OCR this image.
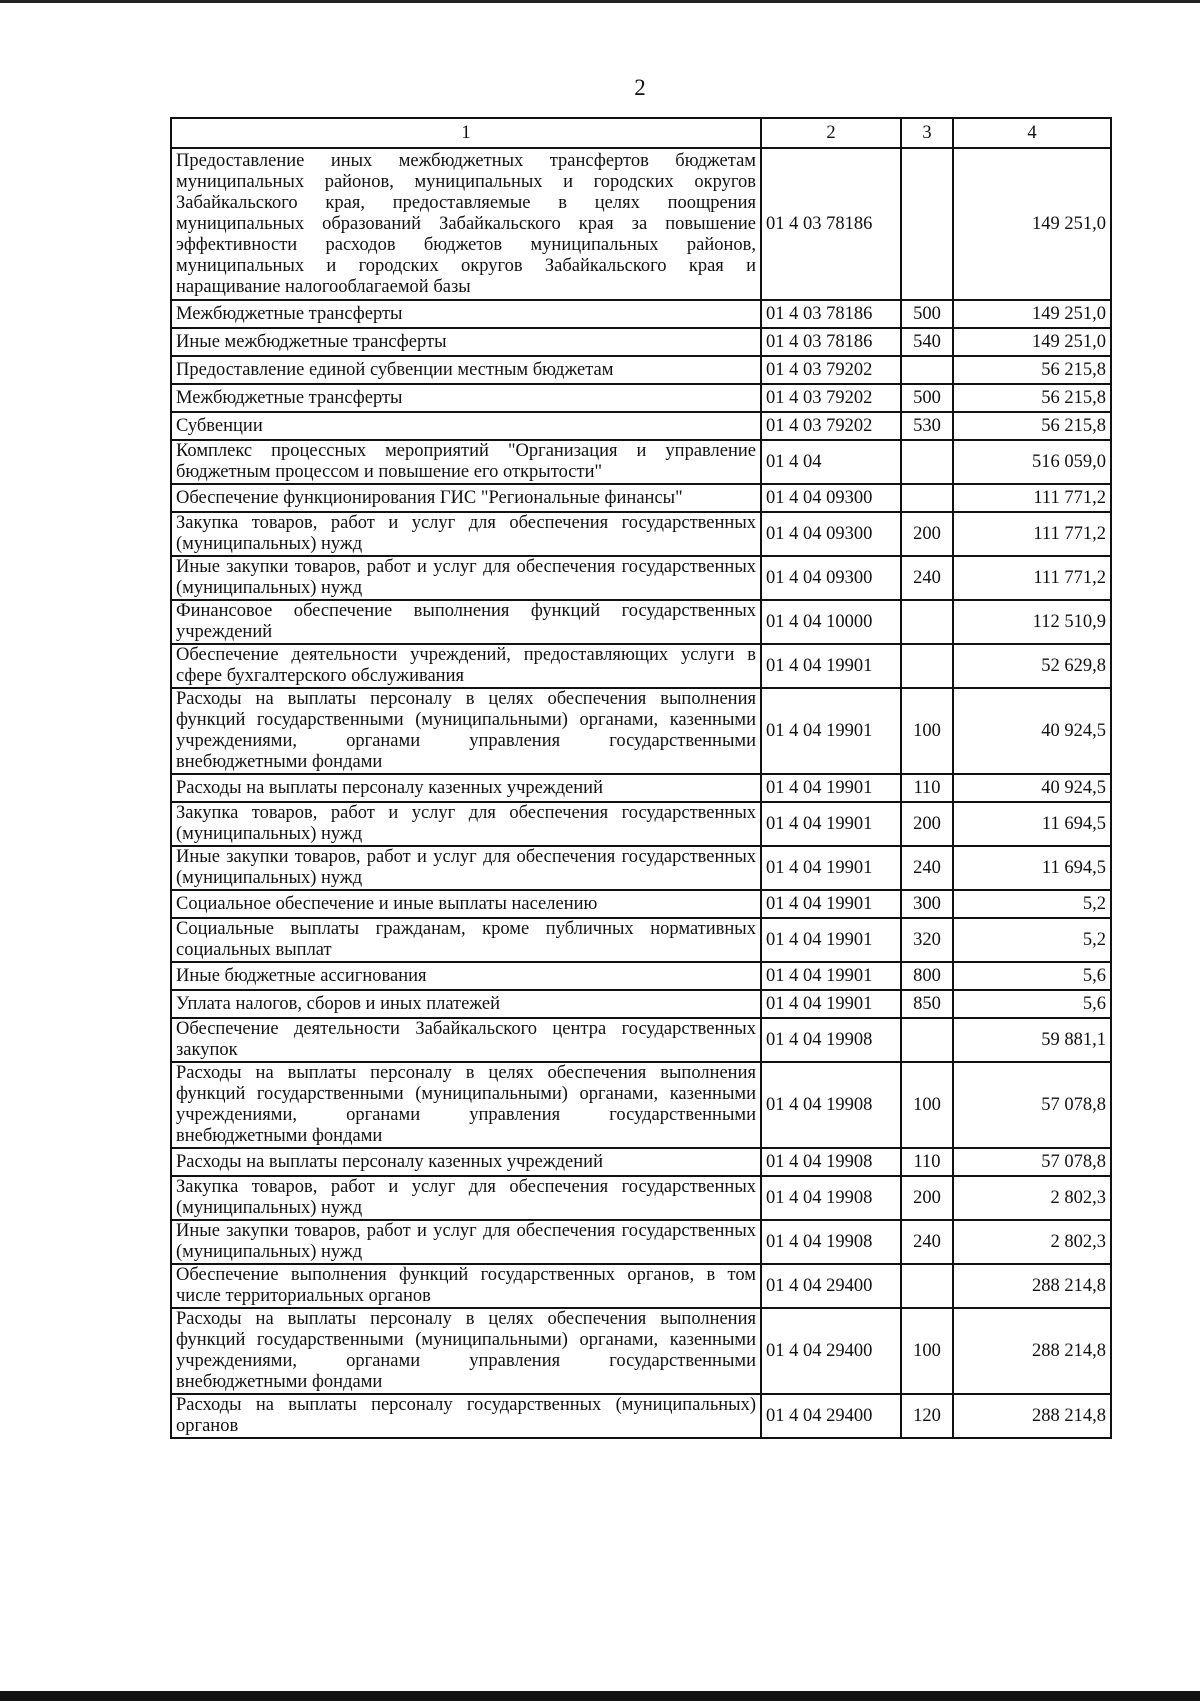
2
1	2	3	4
Предоставление иных межбюджетных трансфертов бюджетам муниципальных районов, муниципальных и городских округов Забайкальского края, предоставляемые в целях поощрения муниципальных образований Забайкальского края за повышение эффективности расходов бюджетов муниципальных районов, муниципальных и городских округов Забайкальского края и наращивание налогооблагаемой базы	01 4 03 78186		149 251,0
Межбюджетные трансферты	01 4 03 78186	500	149 251,0
Иные межбюджетные трансферты	01 4 03 78186	540	149 251,0
Предоставление единой субвенции местным бюджетам	01 4 03 79202		56 215,8
Межбюджетные трансферты	01 4 03 79202	500	56 215,8
Субвенции	01 4 03 79202	530	56 215,8
Комплекс процессных мероприятий "Организация и управление бюджетным процессом и повышение его открытости"	01 4 04		516 059,0
Обеспечение функционирования ГИС "Региональные финансы"	01 4 04 09300		111 771,2
Закупка товаров, работ и услуг для обеспечения государственных (муниципальных) нужд	01 4 04 09300	200	111 771,2
Иные закупки товаров, работ и услуг для обеспечения государственных (муниципальных) нужд	01 4 04 09300	240	111 771,2
Финансовое обеспечение выполнения функций государственных учреждений	01 4 04 10000		112 510,9
Обеспечение деятельности учреждений, предоставляющих услуги в сфере бухгалтерского обслуживания	01 4 04 19901		52 629,8
Расходы на выплаты персоналу в целях обеспечения выполнения функций государственными (муниципальными) органами, казенными учреждениями, органами управления государственными внебюджетными фондами	01 4 04 19901	100	40 924,5
Расходы на выплаты персоналу казенных учреждений	01 4 04 19901	110	40 924,5
Закупка товаров, работ и услуг для обеспечения государственных (муниципальных) нужд	01 4 04 19901	200	11 694,5
Иные закупки товаров, работ и услуг для обеспечения государственных (муниципальных) нужд	01 4 04 19901	240	11 694,5
Социальное обеспечение и иные выплаты населению	01 4 04 19901	300	5,2
Социальные выплаты гражданам, кроме публичных нормативных социальных выплат	01 4 04 19901	320	5,2
Иные бюджетные ассигнования	01 4 04 19901	800	5,6
Уплата налогов, сборов и иных платежей	01 4 04 19901	850	5,6
Обеспечение деятельности Забайкальского центра государственных закупок	01 4 04 19908		59 881,1
Расходы на выплаты персоналу в целях обеспечения выполнения функций государственными (муниципальными) органами, казенными учреждениями, органами управления государственными внебюджетными фондами	01 4 04 19908	100	57 078,8
Расходы на выплаты персоналу казенных учреждений	01 4 04 19908	110	57 078,8
Закупка товаров, работ и услуг для обеспечения государственных (муниципальных) нужд	01 4 04 19908	200	2 802,3
Иные закупки товаров, работ и услуг для обеспечения государственных (муниципальных) нужд	01 4 04 19908	240	2 802,3
Обеспечение выполнения функций государственных органов, в том числе территориальных органов	01 4 04 29400		288 214,8
Расходы на выплаты персоналу в целях обеспечения выполнения функций государственными (муниципальными) органами, казенными учреждениями, органами управления государственными внебюджетными фондами	01 4 04 29400	100	288 214,8
Расходы на выплаты персоналу государственных (муниципальных) органов	01 4 04 29400	120	288 214,8
